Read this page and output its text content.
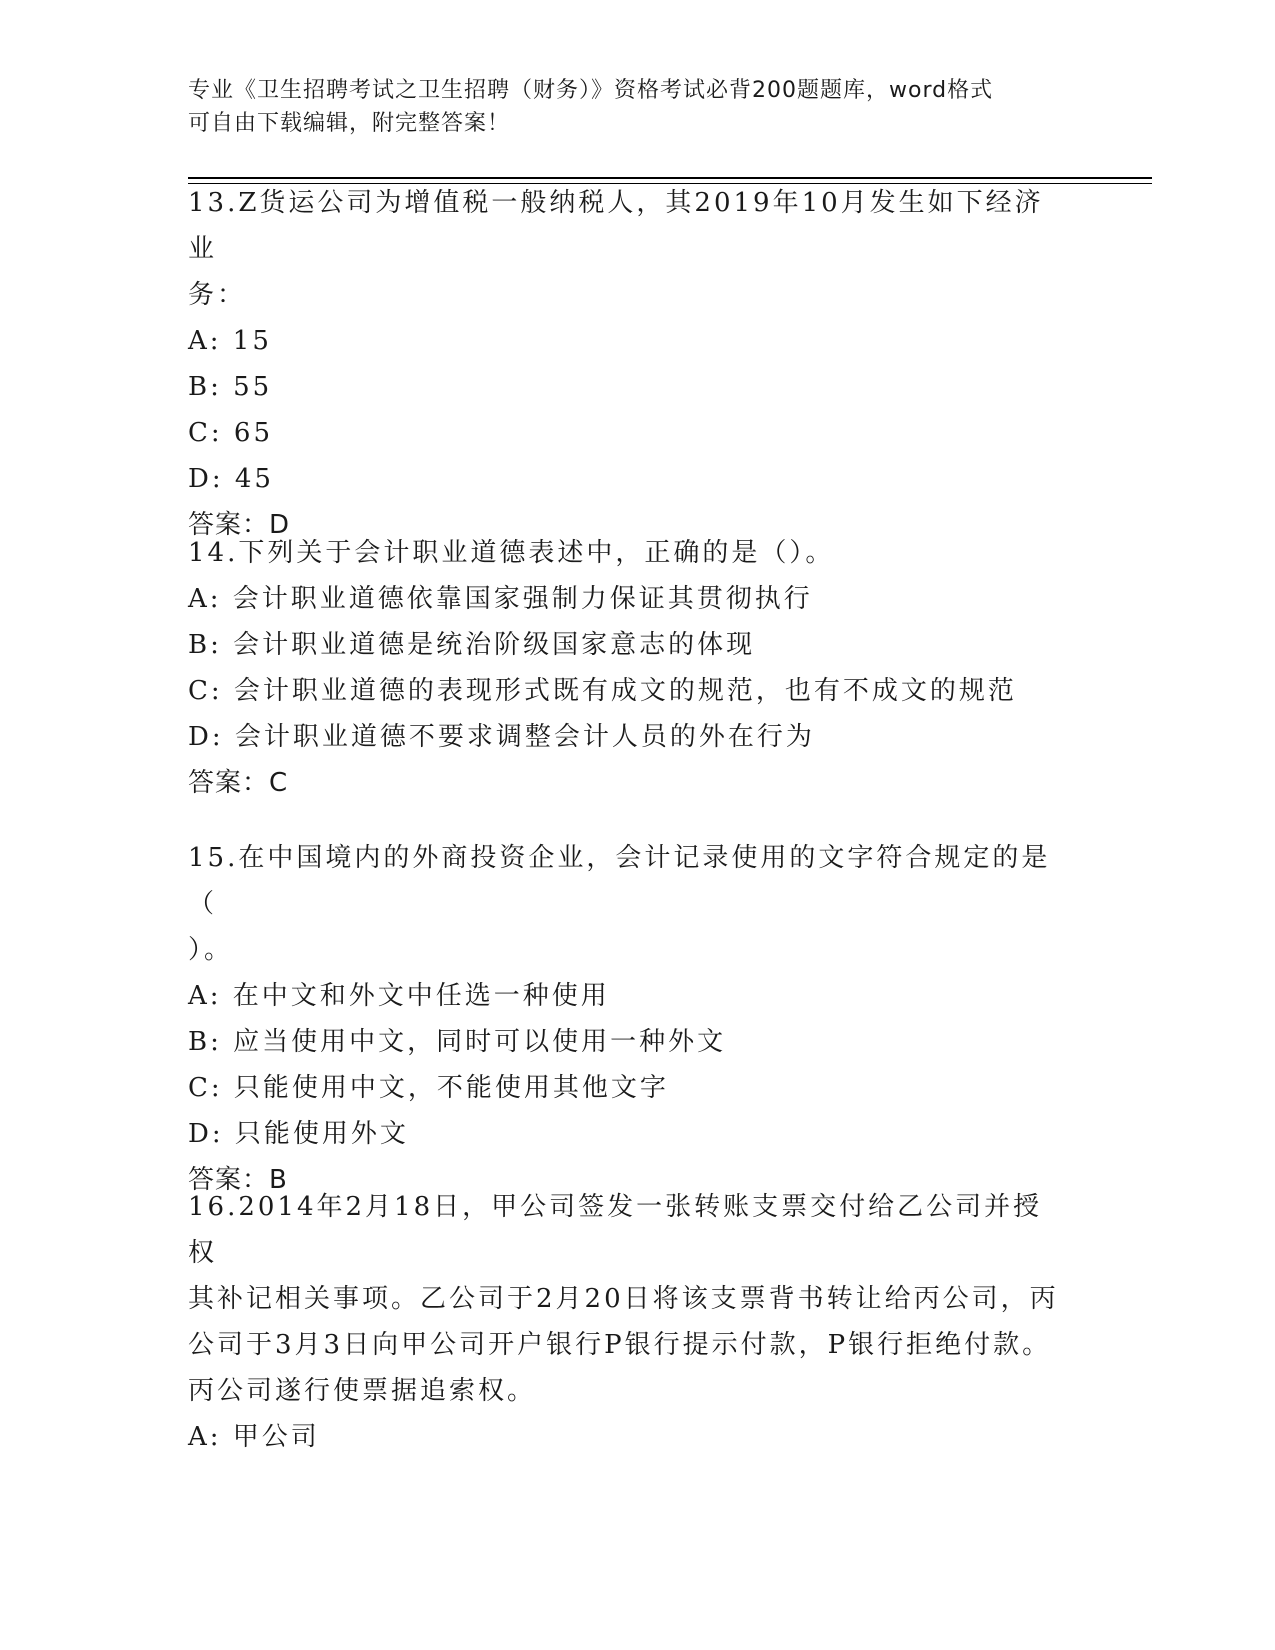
专业《卫生招聘考试之卫生招聘（财务）》资格考试必背200题题库，word格式
可自由下载编辑，附完整答案！
13.Z货运公司为增值税一般纳税人，其2019年10月发生如下经济业
务：
A: 15
B: 55
C: 65
D: 45
答案：D
14.下列关于会计职业道德表述中，正确的是（）。
A: 会计职业道德依靠国家强制力保证其贯彻执行
B: 会计职业道德是统治阶级国家意志的体现
C: 会计职业道德的表现形式既有成文的规范，也有不成文的规范
D: 会计职业道德不要求调整会计人员的外在行为
答案：C
15.在中国境内的外商投资企业，会计记录使用的文字符合规定的是（
）。
A: 在中文和外文中任选一种使用
B: 应当使用中文，同时可以使用一种外文
C: 只能使用中文，不能使用其他文字
D: 只能使用外文
答案：B
16.2014年2月18日，甲公司签发一张转账支票交付给乙公司并授权
其补记相关事项。乙公司于2月20日将该支票背书转让给丙公司，丙
公司于3月3日向甲公司开户银行P银行提示付款，P银行拒绝付款。
丙公司遂行使票据追索权。
A: 甲公司
